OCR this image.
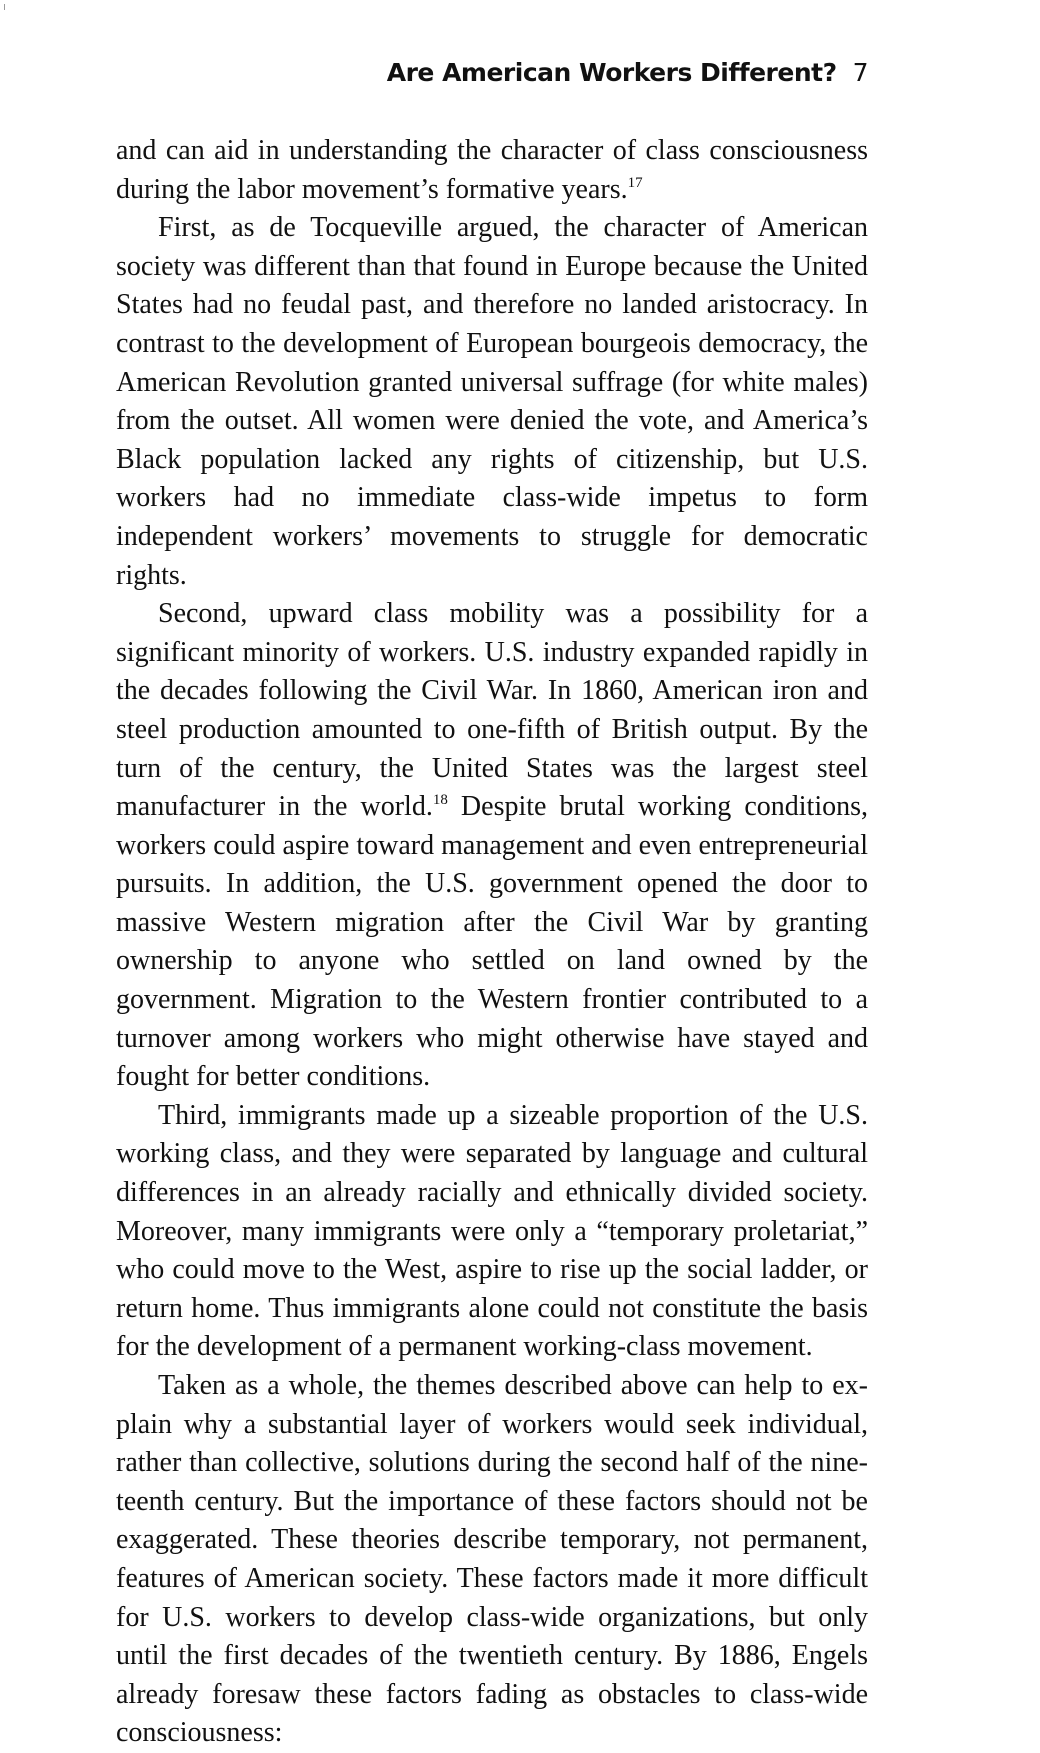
Are American Workers Different? 7

and can aid in understanding the character of class consciousness during the labor movement’s formative years.$^{17}$

First, as de Tocqueville argued, the character of American society was different than that found in Europe because the United States had no feudal past, and therefore no landed aristocracy. In contrast to the development of European bourgeois democracy, the American Revolution granted universal suffrage (for white males) from the outset. All women were denied the vote, and America’s Black population lacked any rights of citizenship, but U.S. workers had no immediate class-wide impetus to form independent workers’ movements to struggle for democratic rights.

Second, upward class mobility was a possibility for a significant minority of workers. U.S. industry expanded rapidly in the decades following the Civil War. In 1860, American iron and steel production amounted to one-fifth of British output. By the turn of the century, the United States was the largest steel manufacturer in the world.$^{18}$ Despite brutal working conditions, workers could aspire toward management and even entrepreneurial pursuits. In addition, the U.S. government opened the door to massive Western migration after the Civil War by granting ownership to anyone who settled on land owned by the government. Migration to the Western frontier contributed to a turnover among workers who might otherwise have stayed and fought for better conditions.

Third, immigrants made up a sizeable proportion of the U.S. working class, and they were separated by language and cultural differences in an already racially and ethnically divided society. Moreover, many immigrants were only a “temporary proletariat,” who could move to the West, aspire to rise up the social ladder, or return home. Thus immigrants alone could not constitute the basis for the development of a permanent working-class movement.

Taken as a whole, the themes described above can help to explain why a substantial layer of workers would seek individual, rather than collective, solutions during the second half of the nineteenth century. But the importance of these factors should not be exaggerated. These theories describe temporary, not permanent, features of American society. These factors made it more difficult for U.S. workers to develop class-wide organizations, but only until the first decades of the twentieth century. By 1886, Engels already foresaw these factors fading as obstacles to class-wide consciousness:
